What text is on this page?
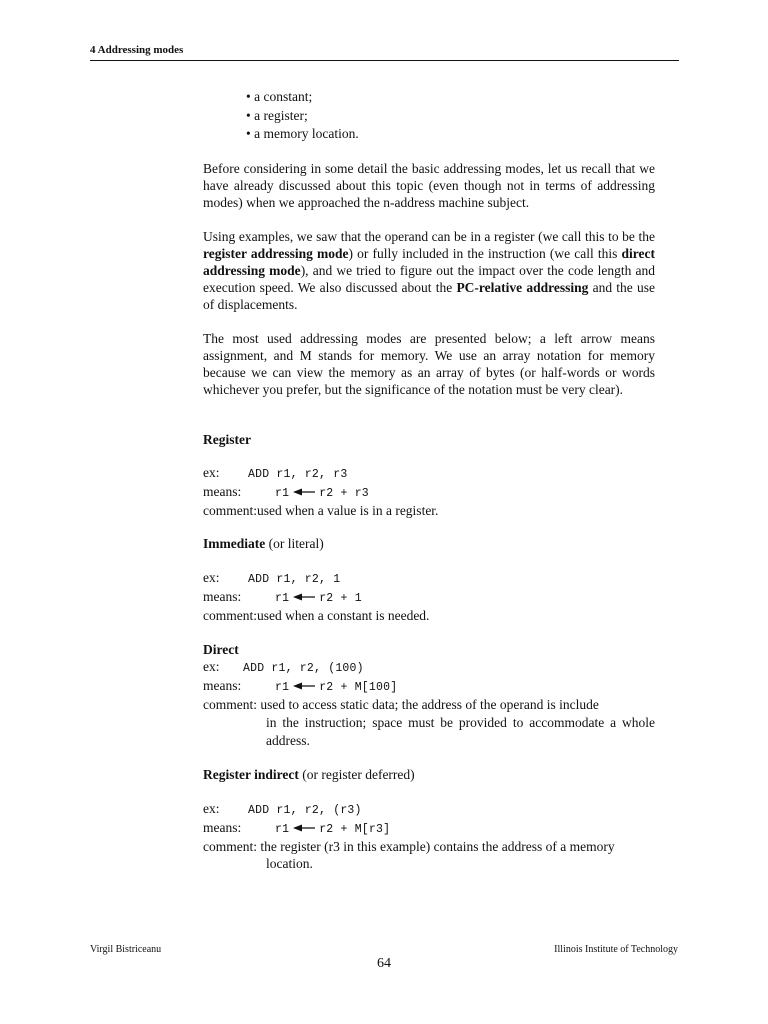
4 Addressing modes
• a constant;
• a register;
• a memory location.

Before considering in some detail the basic addressing modes, let us recall that we have already discussed about this topic (even though not in terms of addressing modes) when we approached the n-address machine subject.

Using examples, we saw that the operand can be in a register (we call this to be the register addressing mode) or fully included in the instruction (we call this direct addressing mode), and we tried to figure out the impact over the code length and execution speed. We also discussed about the PC-relative addressing and the use of displacements.

The most used addressing modes are presented below; a left arrow means assignment, and M stands for memory. We use an array notation for memory because we can view the memory as an array of bytes (or half-words or words whichever you prefer, but the significance of the notation must be very clear).

Register
ex: ADD r1, r2, r3
means:	r1	r2 + r3
comment:used when a value is in a register.
Immediate (or literal)
ex: ADD r1, r2, 1
means:	r1	r2 + 1
comment:used when a constant is needed.
Direct
ex: ADD r1, r2, (100)
means:	r1	r2 + M[100]
comment: used to access static data; the address of the operand is include
in the instruction; space must be provided to accommodate a whole address.
Register indirect (or register deferred)
ex: ADD r1, r2, (r3)
means:	r1	r2 + M[r3]
comment: the register (r3 in this example) contains the address of a memory
location.
Virgil Bistriceanu	Illinois Institute of Technology
64
